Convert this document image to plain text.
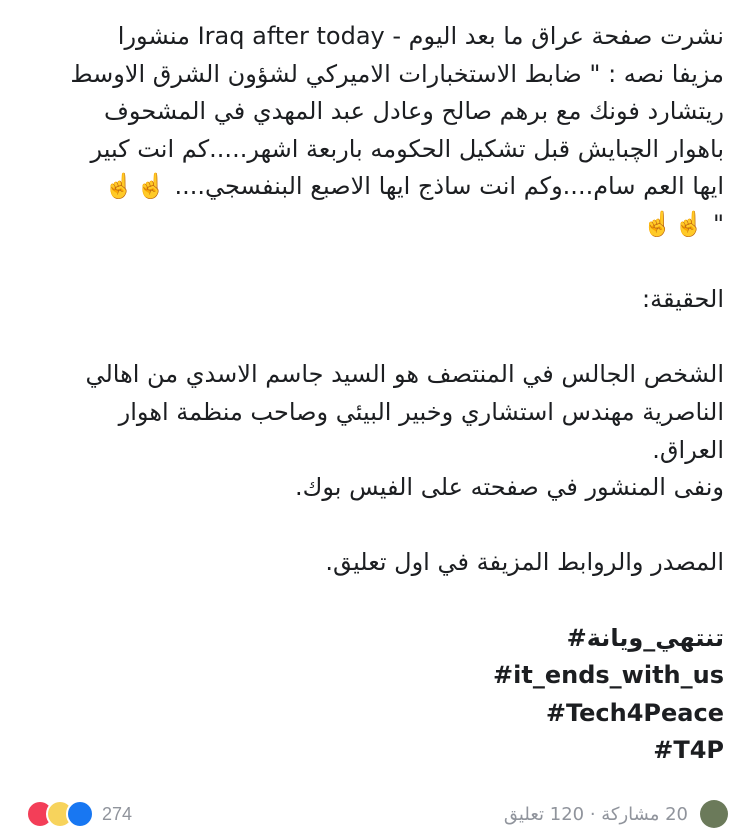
نشرت صفحة عراق ما بعد اليوم - Iraq after today منشورا
مزيفا نصه : " ضابط الاستخبارات الاميركي لشؤون الشرق الاوسط
ريتشارد فونك مع برهم صالح وعادل عبد المهدي في المشحوف
باهوار الچبايش قبل تشكيل الحكومه باربعة اشهر.....كم انت كبير
ايها العم سام....وكم انت ساذج ايها الاصبع البنفسجي.... ☝️☝️
" ☝️☝️
الحقيقة:
الشخص الجالس في المنتصف هو السيد جاسم الاسدي من اهالي
الناصرية مهندس استشاري وخبير البيئي وصاحب منظمة اهوار
العراق.
ونفى المنشور في صفحته على الفيس بوك.
المصدر والروابط المزيفة في اول تعليق.
#تنتهي_ويانة
#it_ends_with_us
#Tech4Peace
#T4P
274	20 مشاركة · 120 تعليق
